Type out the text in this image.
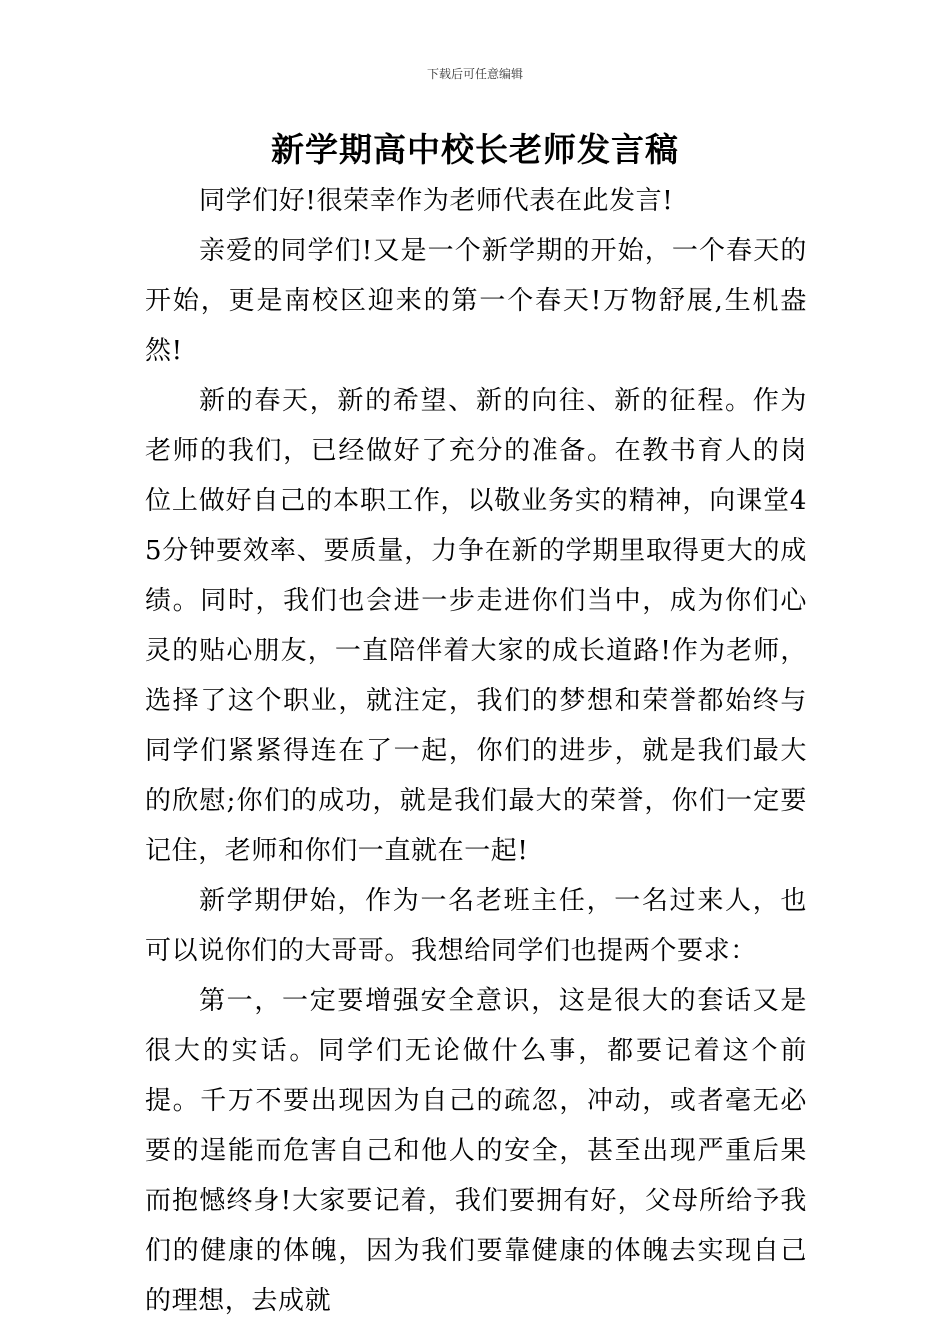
下载后可任意编辑
新学期高中校长老师发言稿

同学们好!很荣幸作为老师代表在此发言!

亲爱的同学们!又是一个新学期的开始，一个春天的开始，更是南校区迎来的第一个春天!万物舒展,生机盎然!

新的春天，新的希望、新的向往、新的征程。作为老师的我们，已经做好了充分的准备。在教书育人的岗位上做好自己的本职工作，以敬业务实的精神，向课堂45分钟要效率、要质量，力争在新的学期里取得更大的成绩。同时，我们也会进一步走进你们当中，成为你们心灵的贴心朋友，一直陪伴着大家的成长道路!作为老师，选择了这个职业，就注定，我们的梦想和荣誉都始终与同学们紧紧得连在了一起，你们的进步，就是我们最大的欣慰;你们的成功，就是我们最大的荣誉，你们一定要记住，老师和你们一直就在一起!

新学期伊始，作为一名老班主任，一名过来人，也可以说你们的大哥哥。我想给同学们也提两个要求：

第一，一定要增强安全意识，这是很大的套话又是很大的实话。同学们无论做什么事，都要记着这个前提。千万不要出现因为自己的疏忽，冲动，或者毫无必要的逞能而危害自己和他人的安全，甚至出现严重后果而抱憾终身!大家要记着，我们要拥有好，父母所给予我们的健康的体魄，因为我们要靠健康的体魄去实现自己的理想，去成就
